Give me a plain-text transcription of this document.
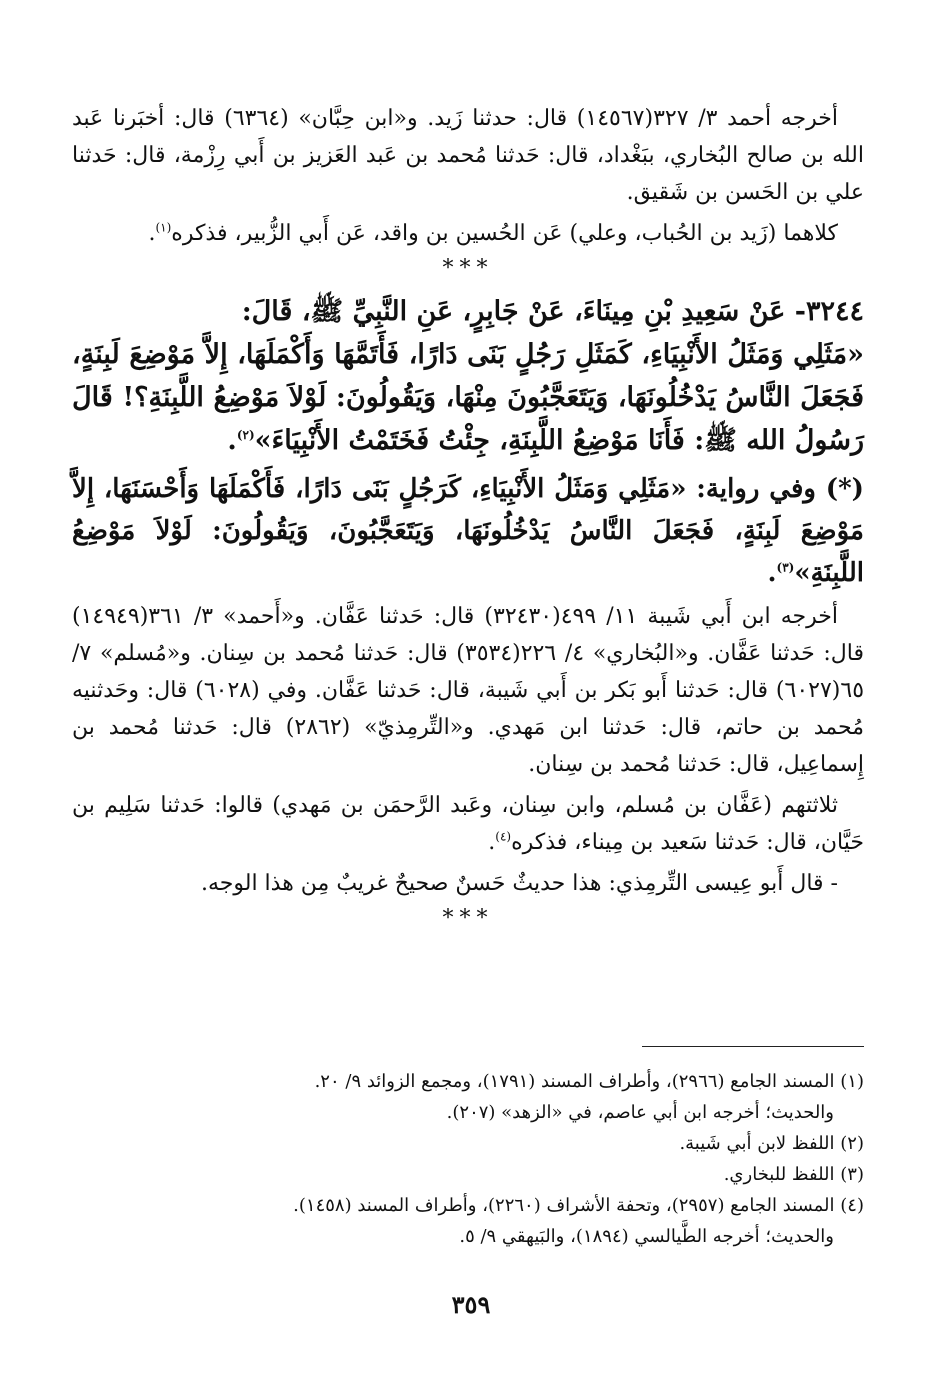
أخرجه أحمد ٣/ ٣٢٧(١٤٥٦٧) قال: حدثنا زَيد. و«ابن حِبَّان» (٦٣٦٤) قال: أخبَرنا عَبد الله بن صالح البُخاري، ببَغْداد، قال: حَدثنا مُحمد بن عَبد العَزيز بن أَبي رِزْمة، قال: حَدثنا علي بن الحَسن بن شَقيق.

كلاهما (زَيد بن الحُباب، وعلي) عَن الحُسين بن واقد، عَن أَبي الزُّبير، فذكره$^{(١)}$.

***

٣٢٤٤- عَنْ سَعِيدِ بْنِ مِينَاءَ، عَنْ جَابِرٍ، عَنِ النَّبِيِّ ﷺ، قَالَ:

«مَثَلِي وَمَثَلُ الأَنْبِيَاءِ، كَمَثَلِ رَجُلٍ بَنَى دَارًا، فَأَتَمَّهَا وَأَكْمَلَهَا، إِلاَّ مَوْضِعَ لَبِنَةٍ، فَجَعَلَ النَّاسُ يَدْخُلُونَهَا، وَيَتَعَجَّبُونَ مِنْهَا، وَيَقُولُونَ: لَوْلاَ مَوْضِعُ اللَّبِنَةِ؟! قَالَ رَسُولُ الله ﷺ: فَأَنَا مَوْضِعُ اللَّبِنَةِ، جِئْتُ فَخَتَمْتُ الأَنْبِيَاءَ»$^{(٢)}$.

(*) وفي رواية: «مَثَلِي وَمَثَلُ الأَنْبِيَاءِ، كَرَجُلٍ بَنَى دَارًا، فَأَكْمَلَهَا وَأَحْسَنَهَا، إِلاَّ مَوْضِعَ لَبِنَةٍ، فَجَعَلَ النَّاسُ يَدْخُلُونَهَا، وَيَتَعَجَّبُونَ، وَيَقُولُونَ: لَوْلاَ مَوْضِعُ اللَّبِنَةِ»$^{(٣)}$.

أخرجه ابن أَبي شَيبة ١١/ ٤٩٩(٣٢٤٣٠) قال: حَدثنا عَفَّان. و«أَحمد» ٣/ ٣٦١(١٤٩٤٩) قال: حَدثنا عَفَّان. و«البُخاري» ٤/ ٢٢٦(٣٥٣٤) قال: حَدثنا مُحمد بن سِنان. و«مُسلم» ٧/ ٦٥(٦٠٢٧) قال: حَدثنا أَبو بَكر بن أَبي شَيبة، قال: حَدثنا عَفَّان. وفي (٦٠٢٨) قال: وحَدثنيه مُحمد بن حاتم، قال: حَدثنا ابن مَهدي. و«التِّرمِذيّ» (٢٨٦٢) قال: حَدثنا مُحمد بن إِسماعِيل، قال: حَدثنا مُحمد بن سِنان.

ثلاثتهم (عَفَّان بن مُسلم، وابن سِنان، وعَبد الرَّحمَن بن مَهدي) قالوا: حَدثنا سَلِيم بن حَيَّان، قال: حَدثنا سَعيد بن مِيناء، فذكره$^{(٤)}$.

- قال أَبو عِيسى التِّرمِذي: هذا حديثٌ حَسنٌ صحيحٌ غريبٌ مِن هذا الوجه.

***

(١) المسند الجامع (٢٩٦٦)، وأطراف المسند (١٧٩١)، ومجمع الزوائد ٩/ ٢٠.

والحديث؛ أخرجه ابن أبي عاصم، في «الزهد» (٢٠٧).

(٢) اللفظ لابن أبي شَيبة.

(٣) اللفظ للبخاري.

(٤) المسند الجامع (٢٩٥٧)، وتحفة الأشراف (٢٢٦٠)، وأطراف المسند (١٤٥٨).

والحديث؛ أخرجه الطَّيالسي (١٨٩٤)، والبَيهقي ٩/ ٥.

٣٥٩
